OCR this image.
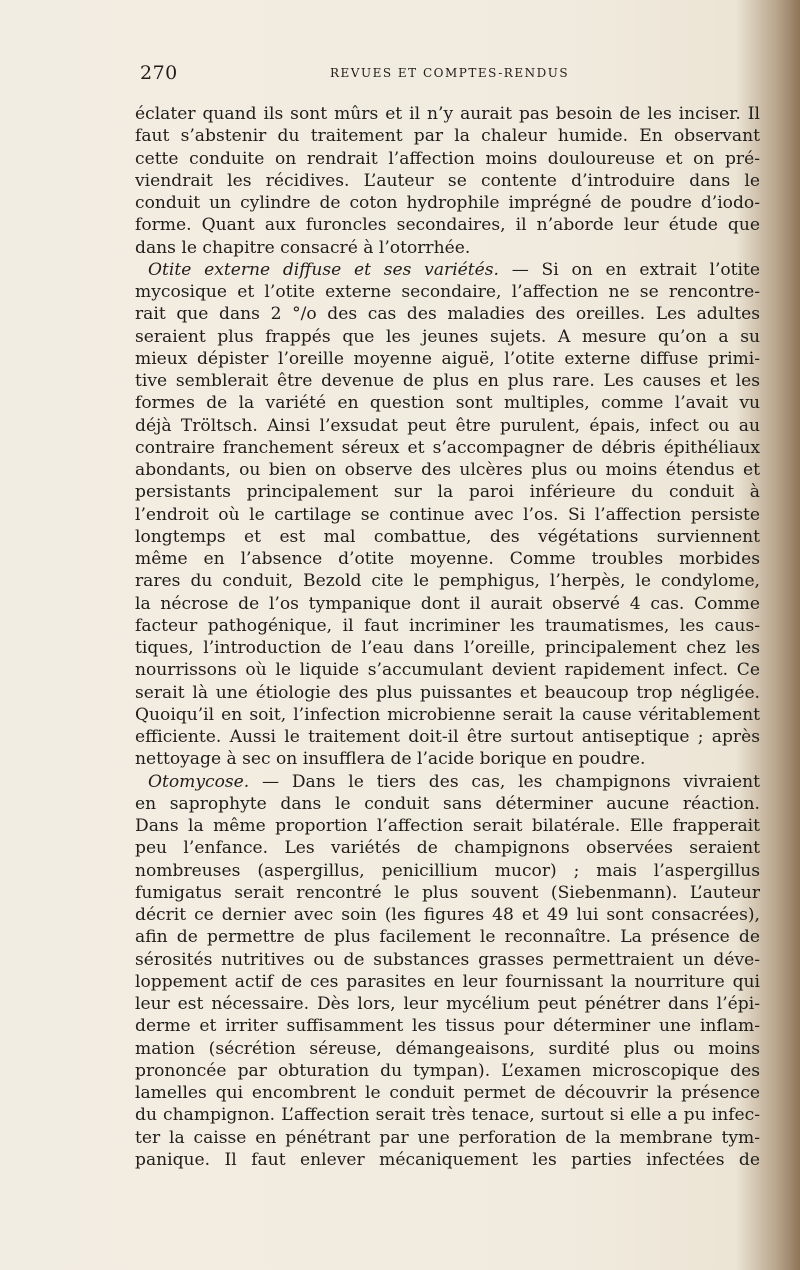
270	REVUES ET COMPTES-RENDUS
éclater quand ils sont mûrs et il n’y aurait pas besoin de les inciser. Il
faut s’abstenir du traitement par la chaleur humide. En observant
cette conduite on rendrait l’affection moins douloureuse et on pré-
viendrait les récidives. L’auteur se contente d’introduire dans le
conduit un cylindre de coton hydrophile imprégné de poudre d’iodo-
forme. Quant aux furoncles secondaires, il n’aborde leur étude que
dans le chapitre consacré à l’otorrhée.
Otite externe diffuse et ses variétés. — Si on en extrait l’otite
mycosique et l’otite externe secondaire, l’affection ne se rencontre-
rait que dans 2 °/o des cas des maladies des oreilles. Les adultes
seraient plus frappés que les jeunes sujets. A mesure qu’on a su
mieux dépister l’oreille moyenne aiguë, l’otite externe diffuse primi-
tive semblerait être devenue de plus en plus rare. Les causes et les
formes de la variété en question sont multiples, comme l’avait vu
déjà Tröltsch. Ainsi l’exsudat peut être purulent, épais, infect ou au
contraire franchement séreux et s’accompagner de débris épithéliaux
abondants, ou bien on observe des ulcères plus ou moins étendus et
persistants principalement sur la paroi inférieure du conduit à
l’endroit où le cartilage se continue avec l’os. Si l’affection persiste
longtemps et est mal combattue, des végétations surviennent
même en l’absence d’otite moyenne. Comme troubles morbides
rares du conduit, Bezold cite le pemphigus, l’herpès, le condylome,
la nécrose de l’os tympanique dont il aurait observé 4 cas. Comme
facteur pathogénique, il faut incriminer les traumatismes, les caus-
tiques, l’introduction de l’eau dans l’oreille, principalement chez les
nourrissons où le liquide s’accumulant devient rapidement infect. Ce
serait là une étiologie des plus puissantes et beaucoup trop négligée.
Quoiqu’il en soit, l’infection microbienne serait la cause véritablement
efficiente. Aussi le traitement doit-il être surtout antiseptique ; après
nettoyage à sec on insufflera de l’acide borique en poudre.
Otomycose. — Dans le tiers des cas, les champignons vivraient
en saprophyte dans le conduit sans déterminer aucune réaction.
Dans la même proportion l’affection serait bilatérale. Elle frapperait
peu l’enfance. Les variétés de champignons observées seraient
nombreuses (aspergillus, penicillium mucor) ; mais l’aspergillus
fumigatus serait rencontré le plus souvent (Siebenmann). L’auteur
décrit ce dernier avec soin (les figures 48 et 49 lui sont consacrées),
afin de permettre de plus facilement le reconnaître. La présence de
sérosités nutritives ou de substances grasses permettraient un déve-
loppement actif de ces parasites en leur fournissant la nourriture qui
leur est nécessaire. Dès lors, leur mycélium peut pénétrer dans l’épi-
derme et irriter suffisamment les tissus pour déterminer une inflam-
mation (sécrétion séreuse, démangeaisons, surdité plus ou moins
prononcée par obturation du tympan). L’examen microscopique des
lamelles qui encombrent le conduit permet de découvrir la présence
du champignon. L’affection serait très tenace, surtout si elle a pu infec-
ter la caisse en pénétrant par une perforation de la membrane tym-
panique. Il faut enlever mécaniquement les parties infectées de
